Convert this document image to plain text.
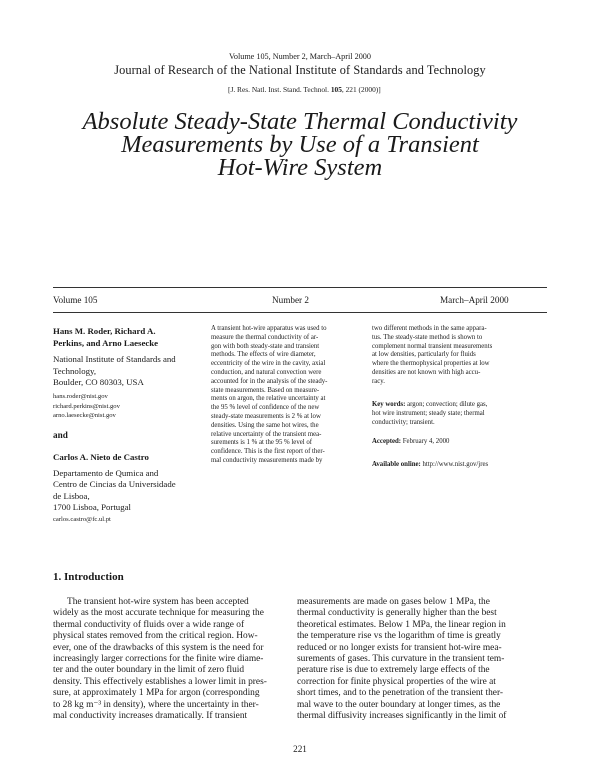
Volume 105, Number 2, March–April 2000
Journal of Research of the National Institute of Standards and Technology
[J. Res. Natl. Inst. Stand. Technol. 105, 221 (2000)]
Absolute Steady-State Thermal Conductivity
Measurements by Use of a Transient
Hot-Wire System
Volume 105	Number 2	March–April 2000
Hans M. Roder, Richard A.
Perkins, and Arno Laesecke
National Institute of Standards and
Technology,
Boulder, CO 80303, USA
hans.roder@nist.gov
richard.perkins@nist.gov
arno.laesecke@nist.gov
and
Carlos A. Nieto de Castro
Departamento de Qumica and
Centro de Cincias da Universidade
de Lisboa,
1700 Lisboa, Portugal
carlos.castro@fc.ul.pt
A transient hot-wire apparatus was used to
measure the thermal conductivity of ar-
gon with both steady-state and transient
methods. The effects of wire diameter,
eccentricity of the wire in the cavity, axial
conduction, and natural convection were
accounted for in the analysis of the steady-
state measurements. Based on measure-
ments on argon, the relative uncertainty at
the 95 % level of confidence of the new
steady-state measurements is 2 % at low
densities. Using the same hot wires, the
relative uncertainty of the transient mea-
surements is 1 % at the 95 % level of
confidence. This is the first report of ther-
mal conductivity measurements made by
two different methods in the same appara-
tus. The steady-state method is shown to
complement normal transient measurements
at low densities, particularly for fluids
where the thermophysical properties at low
densities are not known with high accu-
racy.
Key words: argon; convection; dilute gas,
hot wire instrument; steady state; thermal
conductivity; transient.
Accepted: February 4, 2000
Available online: http://www.nist.gov/jres
1. Introduction
The transient hot-wire system has been accepted
widely as the most accurate technique for measuring the
thermal conductivity of fluids over a wide range of
physical states removed from the critical region. How-
ever, one of the drawbacks of this system is the need for
increasingly larger corrections for the finite wire diame-
ter and the outer boundary in the limit of zero fluid
density. This effectively establishes a lower limit in pres-
sure, at approximately 1 MPa for argon (corresponding
to 28 kg m⁻³ in density), where the uncertainty in ther-
mal conductivity increases dramatically. If transient
measurements are made on gases below 1 MPa, the
thermal conductivity is generally higher than the best
theoretical estimates. Below 1 MPa, the linear region in
the temperature rise vs the logarithm of time is greatly
reduced or no longer exists for transient hot-wire mea-
surements of gases. This curvature in the transient tem-
perature rise is due to extremely large effects of the
correction for finite physical properties of the wire at
short times, and to the penetration of the transient ther-
mal wave to the outer boundary at longer times, as the
thermal diffusivity increases significantly in the limit of
221
